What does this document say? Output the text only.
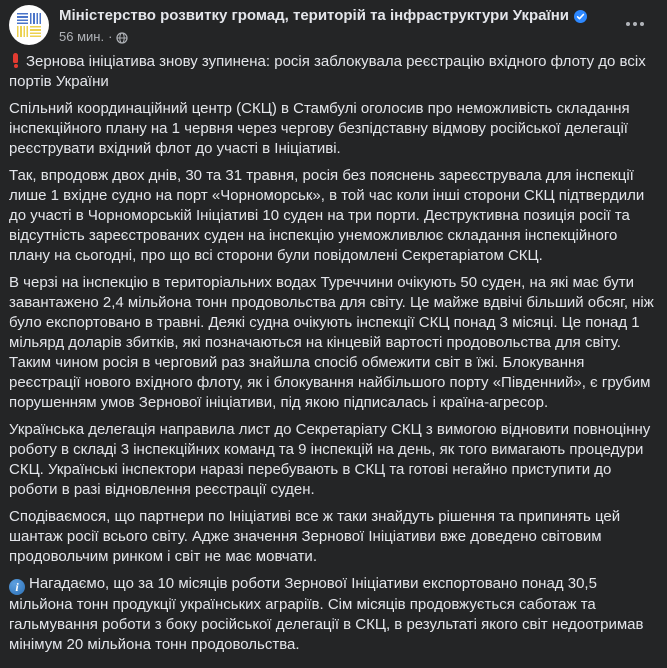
Міністерство розвитку громад, територій та інфраструктури України
56 мин. ·
Зернова ініціатива знову зупинена: росія заблокувала реєстрацію вхідного флоту до всіх портів України
Спільний координаційний центр (СКЦ) в Стамбулі оголосив про неможливість складання інспекційного плану на 1 червня через чергову безпідставну відмову російської делегації реєструвати вхідний флот до участі в Ініціативі.
Так, впродовж двох днів, 30 та 31 травня, росія без пояснень зареєструвала для інспекції лише 1 вхідне судно на порт «Чорноморськ», в той час коли інші сторони СКЦ підтвердили до участі в Чорноморській Ініціативі 10 суден на три порти. Деструктивна позиція росії та відсутність зареєстрованих суден на інспекцію унеможливлює складання інспекційного плану на сьогодні, про що всі сторони були повідомлені Секретаріатом СКЦ.
В черзі на інспекцію в територіальних водах Туреччини очікують 50 суден, на які має бути завантажено 2,4 мільйона тонн продовольства для світу. Це майже вдвічі більший обсяг, ніж було експортовано в травні. Деякі судна очікують інспекції СКЦ понад 3 місяці. Це понад 1 мільярд доларів збитків, які позначаються на кінцевій вартості продовольства для світу. Таким чином росія в черговий раз знайшла спосіб обмежити світ в їжі. Блокування реєстрації нового вхідного флоту, як і блокування найбільшого порту «Південний», є грубим порушенням умов Зернової ініціативи, під якою підписалась і країна-агресор.
Українська делегація направила лист до Секретаріату СКЦ з вимогою відновити повноцінну роботу в складі 3 інспекційних команд та 9 інспекцій на день, як того вимагають процедури СКЦ. Українські інспектори наразі перебувають в СКЦ та готові негайно приступити до роботи в разі відновлення реєстрації суден.
Сподіваємося, що партнери по Ініціативі все ж таки знайдуть рішення та припинять цей шантаж росії всього світу. Адже значення Зернової Ініціативи вже доведено світовим продовольчим ринком і світ не має мовчати.
iНагадаємо, що за 10 місяців роботи Зернової Ініціативи експортовано понад 30,5 мільйона тонн продукції українських аграріїв. Сім місяців продовжується саботаж та гальмування роботи з боку російської делегації в СКЦ, в результаті якого світ недоотримав мінімум 20 мільйона тонн продовольства.
